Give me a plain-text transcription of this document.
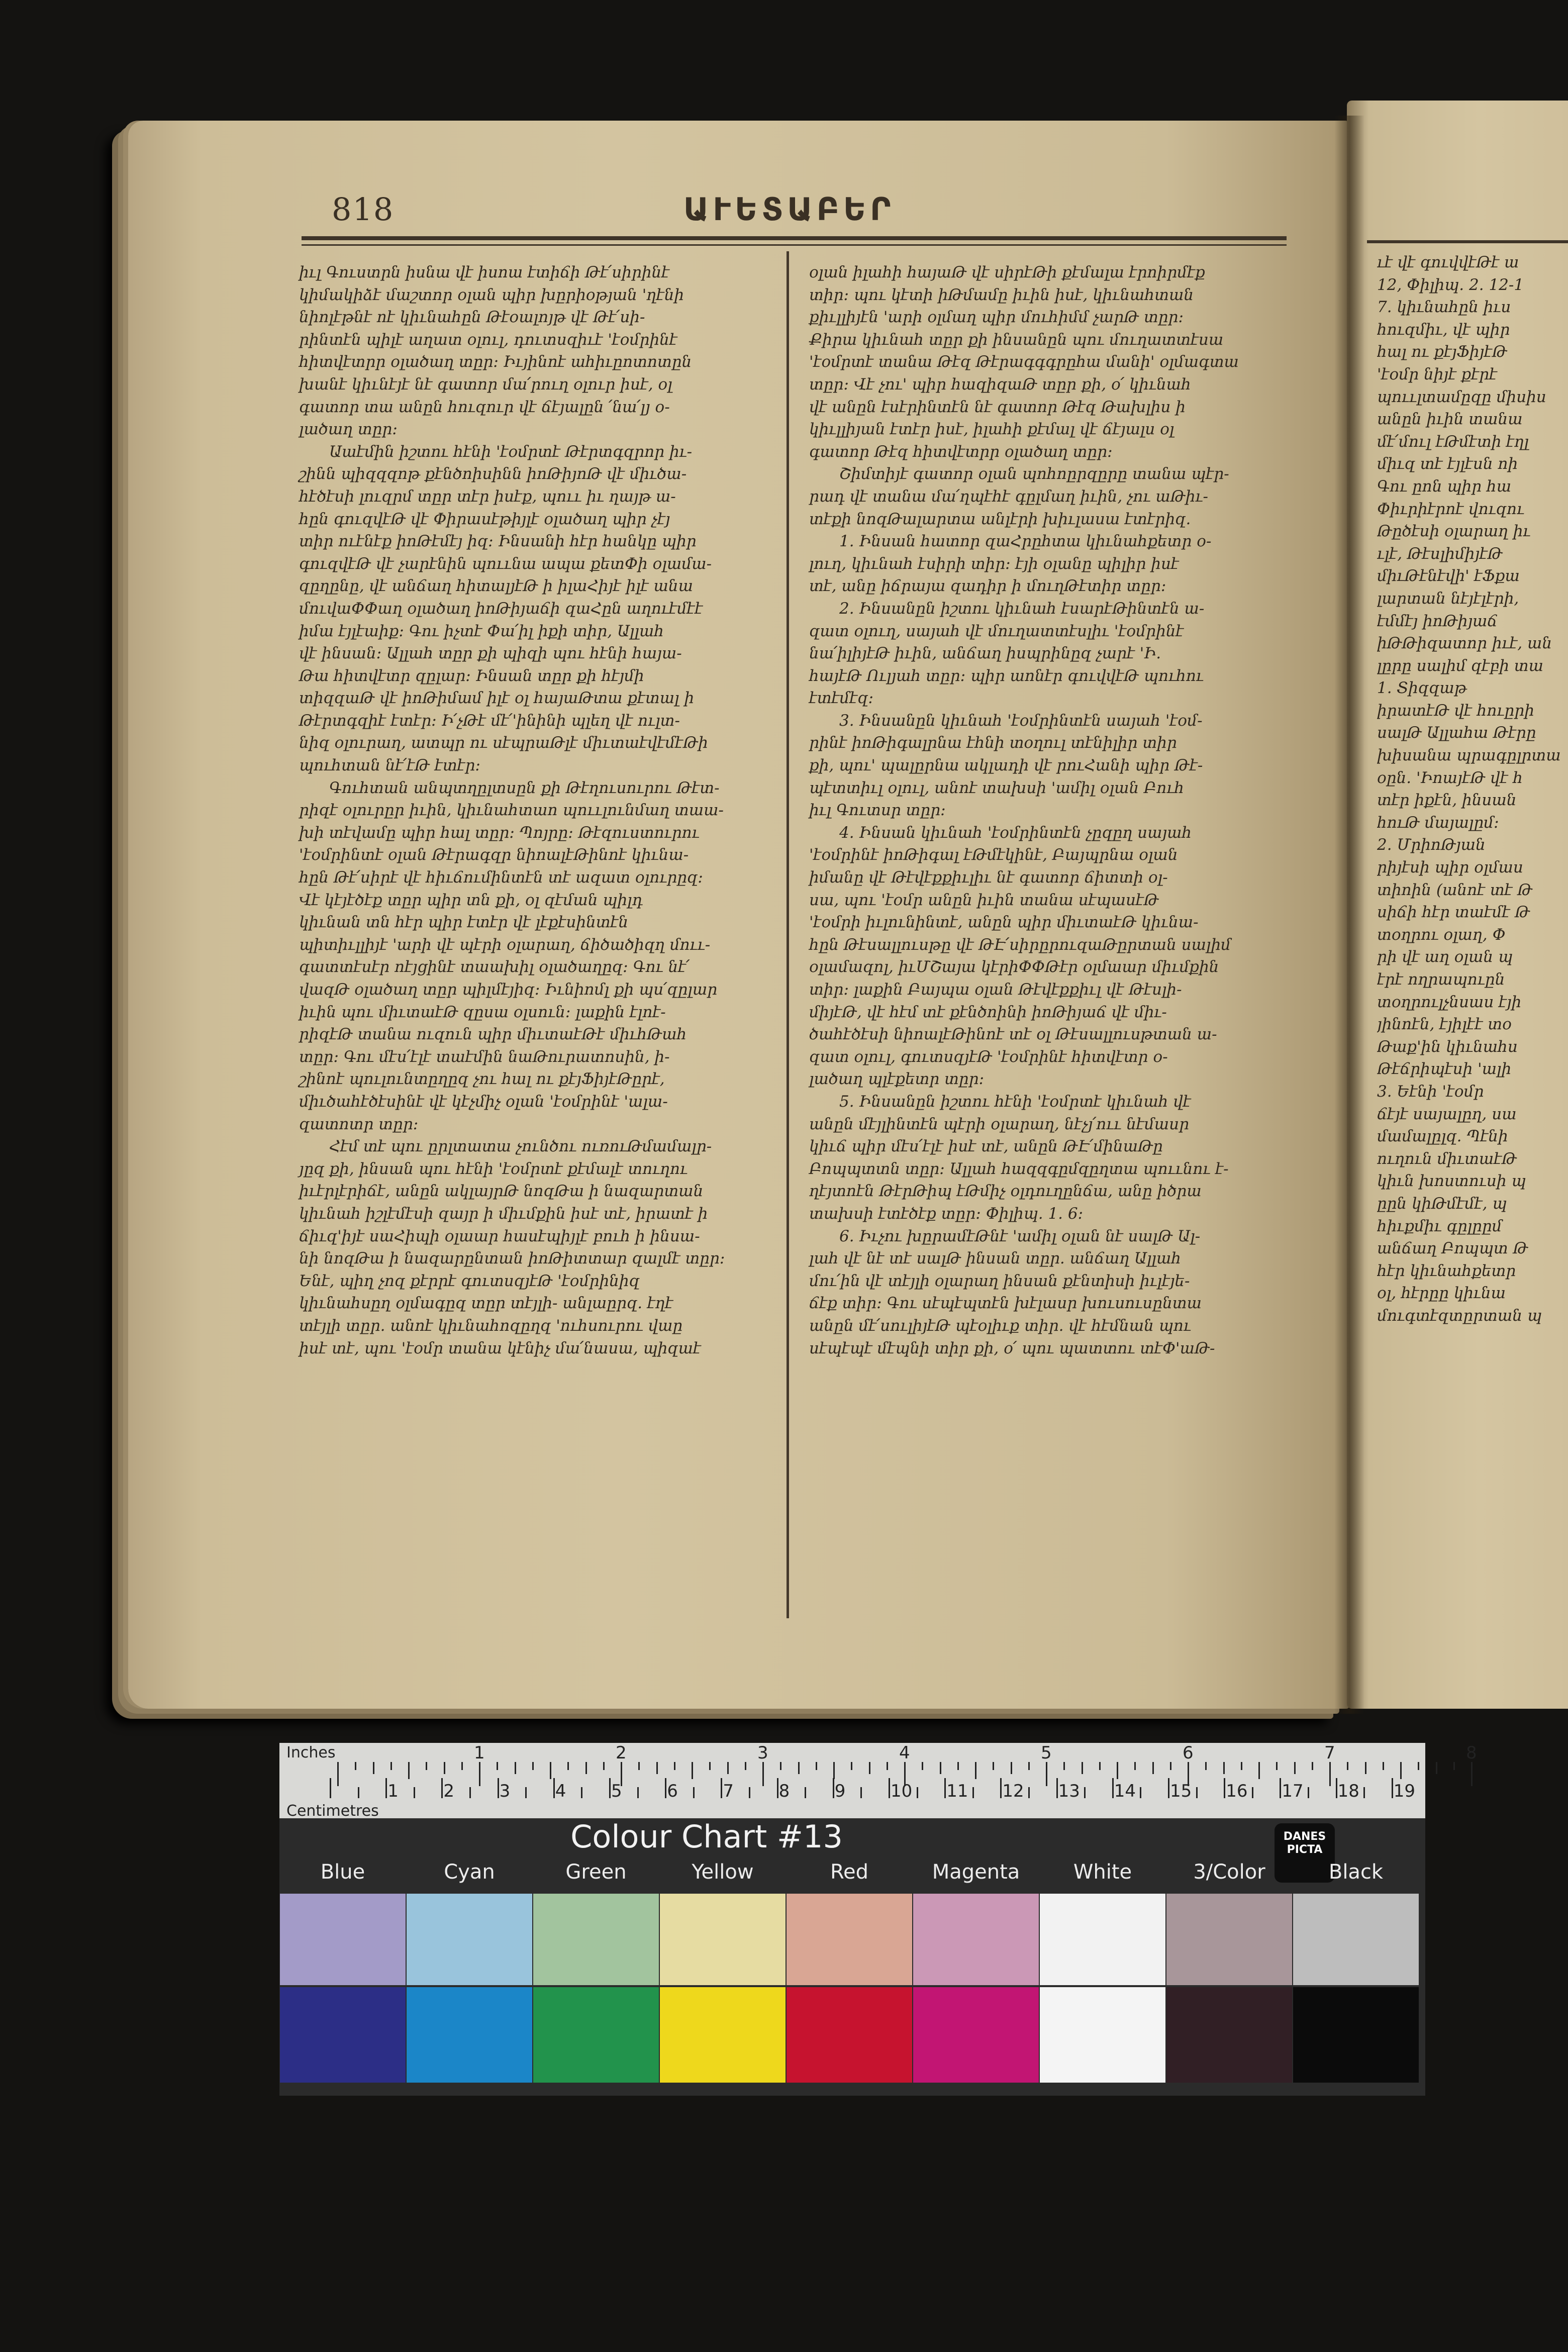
818	ԱՒԵՏԱԲԵՐ

իւլ Գուստրն իսնա վէ իսոա էտիճի Թէ՛սիրինէ
կիմակիձէ մաշտոր օլան պիր խըրիօթյան 'ղէնի
նիոլէթնէ ոէ կիւնահըն Թէօալոյթ վէ Թէ՛սի-
րինտէն պիլէ աղատ օլուլ, դուտսզիւէ 'էօմրինէ
հիտվէտրր օլածաղ տըր։ Իւյինոէ ահիւըոտոտըն
խանէ կիւնէյէ նէ գատոր մա՛րուղ օլուր իսէ, օլ
գատոր տա անըն հուզուր վէ ճէյալըն ՛նա՛լյ օ-
լածաղ տըր։

Աաէմին իշտու հէնի 'էօմրտէ Թէրտգզրոր իւ-
շինն պիզզզոթ քէնծոիսինն իոԹիյոԹ վէ միւծա-
հէծէսի լուզրմ տըր տէր իսէք, պոււ իւ ղայթ ա-
հըն գուզվէԹ վէ Փիրասէթիյլէ օլածաղ պիր չէյ
տիր ուէնէք իոԹէմէյ իզ։ Ինսանի հէր հանկը պիր
գուզվէԹ վէ չարէնին պոււնա ապա քետՓի օլամա-
զըղընը, վէ անճաղ հիտալյէԹ ի իլաՀիյէ իլէ անա
մուվաՓՓաղ օլածաղ իոԹիյաճի զաՀըն աղուէմէէ
իմա էյլէաիք։ Գու իչտէ Փա՛իլ իքի տիր, Ալլահ
վէ ինսան։ Ալլահ տըր քի պիզի պու հէնի հայա-
Թա հիտվէտր զըլար։ Ինսան տըր քի հէյմի
տիզզաԹ վէ իոԹիմամ իլէ օլ հայաԹտա քէտալ ի
Թէրտգզիէ էտէր։ Ի՛չԹէ մէ՛'ինինի պլեղ վէ ուլտ-
նիզ օլուրաղ, ատպր ու սէպրաԹլէ միւտաէվէմէԹի
պուհտան նէ՛էԹ էտէր։

Գուհտան անպտղըլտսըն քի Թէղուսուրու Թէտ-
րիզէ օլուրըր իւին, կիւնահտաո պոււլունմաղ տաա-
խի տէվամը պիր հալ տըր։ Պոյրը։ Թէզուստուրու
'էօմրինտէ օլան Թէրագզր նիոալէԹինոէ կիւնա-
հըն Թէ՛սիրէ վէ հիւճումինտէն տէ ազատ օլուրըզ։
Վէ կէյէծէք տըր պիր տն քի, օլ զէման պիլդ
կիւնան տն հէր պիր էտէր վէ լէքէսինտէն
պիտիւլլիյէ 'արի վէ պէրի օլարաղ, ճիծածիզղ մոււ-
գատտէսէր ոէյցինէ տաախիլ օլածաղըզ։ Գու նէ՛
վազԹ օլածաղ տըր պիլմէյիզ։ Իւնիոմլ քի պս՛զըլար
իւին պու միւտաէԹ զըսա օլսուն։ լաքին էլոէ-
րիզէԹ տանա ուզուն պիր միւտաէԹէ միւհԹահ
տըր։ Գու մէս՛էլէ տաէմին նաԹուրատոսին, ի-
շինոէ պուլունտըղըզ չու հալ ու քէյՖիյէԹըրէ,
միւծահէծէսինէ վէ կէչմիչ օլան 'էօմրինէ 'ալա-
զատոտր տըր։

Հէմ տէ պու ըրլտատա չունծու ուռուԹմամալր-
յըզ քի, ինսան պու հէնի 'էօմրտէ քէմալէ տուղու
իւէրլէրիճէ, անըն ակլայրԹ նոզԹա ի նազարտան
կիւնահ իշլէմէսի զայր ի միւմքին իսէ տէ, իրատէ ի
ճիւզ'իյէ սաՀիպի օլաար հասէպիյլէ բուհ ի ինսա-
նի նոզԹա ի նազարընտան իոԹիտտար զալմէ տըր։
Ենէ, պիղ չոզ քէրրէ գուտսզյէԹ 'էօմրինիզ
կիւնահսըղ օլմագըզ տըր տէյլի- անլաըրզ. էղէ
տէյլի տըր. անոէ կիւնահոզըղզ 'ուհսուրու վաը
իսէ տէ, պու 'էօմր տանա կէնիչ մա՛նասա, պիզաէ

օլան իլահի հայաԹ վէ սիրէԹի քէմալա էրոիրմէք
տիր։ պու կէտի իԹմամը իւին իսէ, կիւնահտան
քիւլլիյէն 'արի օլմաղ պիր մուհիմմ չարԹ տըր։
Քիրա կիւնահ տըր քի ինսանըն պու մուղատտէսա
'էօմրտէ տանա Թէզ Թէրագգգրըհա մանի' օլմագտա
տըր։ Վէ չու' պիր հազիզաԹ տըր քի, օ՛ կիւնահ
վէ անըն էսէրինտէն նէ գատոր Թէզ Թախլիս ի
կիւլլիյան էտէր իսէ, իլահի քէմալ վէ ճէյալս օլ
գատոր Թէզ հիտվէտրր օլածաղ տըր։

Շիմտիյէ գատոր օլան պոհոըրզըրը տանա պէր-
րադ վէ տանա մա՛ղպէհէ գըլմաղ իւին, չու աԹիւ-
տէքի նոզԹալարտա անլէրի խիւլասա էտէրիզ.

1. Ինսան հատոր զաՀրըհտա կիւնահքետր օ-
լուղ, կիւնահ էսիրի տիր։ էյի օլանը պիլիր իսէ
տէ, անը իճրայա զադիր ի մուղԹէտիր տըր։

2. Ինսանըն իշտու կիւնահ էսարէԹինտէն ա-
զատ օլուղ, սայահ վէ մուղատտէսլիւ 'էօմրինէ
նա՛իլիյէԹ իւին, անճաղ իսպրինըզ չարէ 'Ի.
հայէԹ Ուլյահ տըր։ պիր աոնէր գուվվէԹ պուհու
էտէմէզ։

3. Ինսանըն կիւնահ 'էօմրինտէն սայահ 'էօմ-
րինէ իոԹիգալրնա էհնի տօղուլ տէնիլիր տիր
քի, պու' պալըրնա ակլադի վէ րուՀանի պիր Թէ-
պէտտիւլ օլուլ, անոէ տախսի 'ամիլ օլան Բուհ
իւլ Գուտսր տըր։

4. Ինսան կիւնահ 'էօմրինտէն չըզըղ սայահ
'էօմրինէ իոԹիգալ էԹմէկինէ, Բայպրնա օլան
իմանը վէ Թէվէքքիւլիւ նէ գատոր ճիտտի օլ-
սա, պու 'էօմր անըն իւին տանա սէպասէԹ
'էօմրի իւլունինտէ, անըն պիր միւտաէԹ կիւնա-
հըն Թէսալլուսթը վէ ԹԷ՛սիրըրուզաԹըրտան սալիմ
օլամազոլ, իւՄՇայա կէրիՓՓԹէր օլմաար միւմքին
տիր։ լաքին Բայպա օլան Թէվէքքիւլ վէ Թէսլի-
միյէԹ, վէ հէմ տէ քէնծոինի իոԹիյաճ վէ միւ-
ծահէծէսի նիոալէԹինոէ տէ օլ Թէսալլուսթտան ա-
զատ օլուլ, գուտսզյէԹ 'էօմրինէ հիտվէտր օ-
լածաղ պլէքետր տըր։

5. Ինսանըն իշտու հէնի 'էօմրտէ կիւնահ վէ
անըն մէյլինտէն պէրի օլարաղ, նէչյ՛ոււ նէմասր
կիւճ պիր մէս՛էլէ իսէ տէ, անըն ԹԷ՛մինաԹը
Բոպպտտն տըր։ Ալլահ հազզգըմզըղտա պոււնու է-
ղէյտոէն ԹէրԹիպ էԹմիչ օլդուղընճա, անը իծրա
տախսի էտէծէք տըր։ Փիլիպ. 1. 6։

6. Իւչու խըրամէԹնէ 'ամիլ օլան նէ սալԹ Ալ-
լահ վէ նէ տէ սալԹ ինսան տըր. անճաղ Ալլահ
մու՛ին վէ տէյլի օլարաղ ինսան քէնտիսի իւլէյե-
ճէք տիր։ Գու սէպէպտէն խէլասր խուսուսընտա
անըն մէ՛սուլիյէԹ պէօլիւք տիր. վէ հէմնան պու
սէպէպէ մէպնի տիր քի, օ՛ պու պատտու տէՓ'աԹ-

ւէ վէ գուվվէԹէ ա

12, Փիլիպ. 2. 12-1

7. կիւնահըն իւս

հուզմիւ, վէ պիր

հալ ու քէյՖիյէԹ

'էօմր նիյէ քէրէ

պոււլտամըզը միսիս

անըն իւին տանա

մէ՛մուլ էԹմէտի էղլ

միւզ տէ էյլէսն ոի

Գու ըոն պիր հա

Փիւրիէրոէ վուզու

Թըծէսի օլարաղ իւ

ւլէ, ԹէսլիմիյէԹ

միւԹէնէվի' էՖքա

լարտան նէյէլէրի,

էմմէյ իոԹիյաճ

իԹԹիզատոր իւէ, ան

լըրը սալիմ զէբի տա

1. Տիզզաթ

իրատէԹ վէ հուըրի

սալԹ Ալլահա Թէրը

խիսանա պրագըլրտա

օըն. 'ԻոայէԹ վէ հ

տէր իքէն, ինսան

հուԹ մայալըմ։

2. ՄրիոԹյան

րիյէսի պիր օլմաս

տիոին (անոէ տէ Թ

սիճի հէր տաէմէ Թ

տօղրու օլաղ, Փ

րի վէ աղ օլան պ

էրէ ողրապուըն

տօղրուլչնսաս էյի

յինոէն, էյիլէէ տօ

Թաք'ին կիւնահս

Թէճրիպէսի 'ալի

3. Եէնի 'էօմր

ճէյէ սայալըղ, սա

մամալըլզ. Պէնի

ուղուն միւտաէԹ

կիւն խոստուսի պ

ըըն կիԹմէմէ, պ

հիւքմիւ գըլըըմ

անճաղ Բոպպտ Թ

հէր կիւնահքետր

օլ, հէրըը կիւնա

մուգտէզտըրտան պ

Inches
Centimetres
1	2	3	4	5	6	7	8
1	2	3	4	5	6	7	8	9	10 11 12 13 14 15 16 17 18 19
Colour Chart #13	DANES PICTA
Blue	Cyan	Green	Yellow	Red	Magenta	White	3/Color	Black
